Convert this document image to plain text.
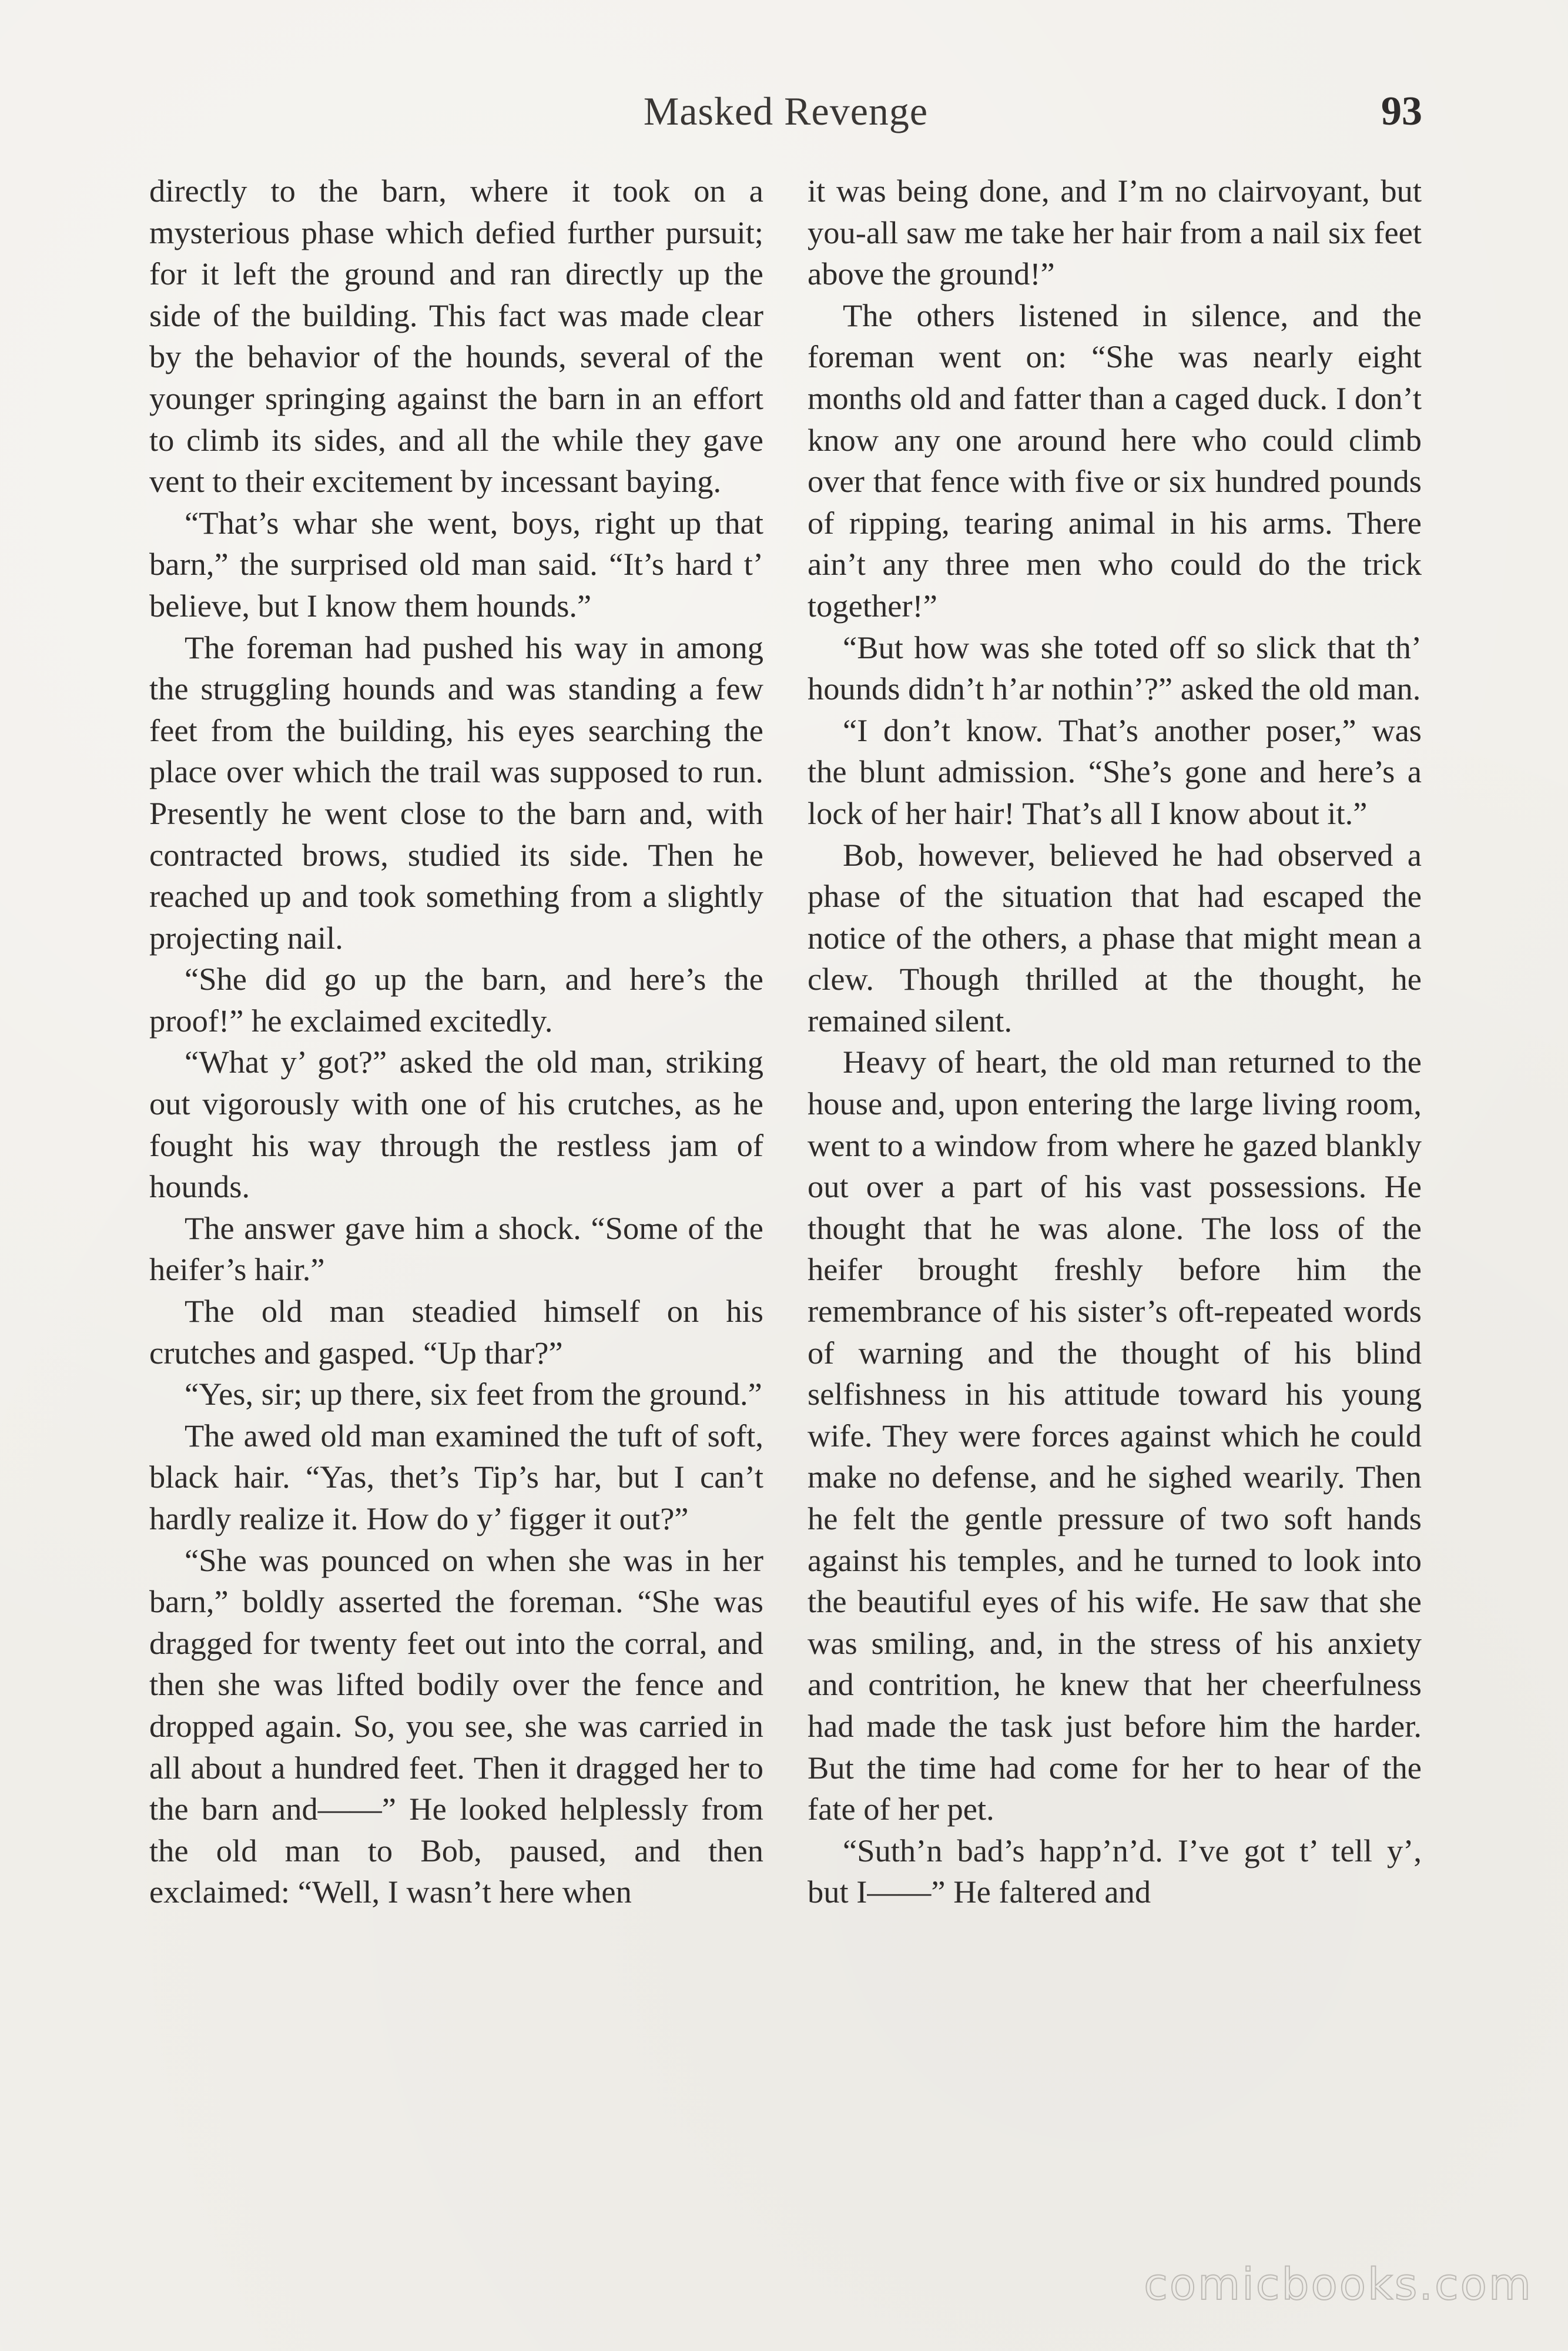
Masked Revenge	93

directly to the barn, where it took on a mysterious phase which defied further pursuit; for it left the ground and ran directly up the side of the building. This fact was made clear by the behavior of the hounds, several of the younger springing against the barn in an effort to climb its sides, and all the while they gave vent to their excitement by incessant baying.

“That’s whar she went, boys, right up that barn,” the surprised old man said. “It’s hard t’ believe, but I know them hounds.”

The foreman had pushed his way in among the struggling hounds and was standing a few feet from the building, his eyes searching the place over which the trail was supposed to run. Presently he went close to the barn and, with contracted brows, studied its side. Then he reached up and took something from a slightly projecting nail.

“She did go up the barn, and here’s the proof!” he exclaimed excitedly.

“What y’ got?” asked the old man, striking out vigorously with one of his crutches, as he fought his way through the restless jam of hounds.

The answer gave him a shock. “Some of the heifer’s hair.”

The old man steadied himself on his crutches and gasped. “Up thar?”

“Yes, sir; up there, six feet from the ground.”

The awed old man examined the tuft of soft, black hair. “Yas, thet’s Tip’s har, but I can’t hardly realize it. How do y’ figger it out?”

“She was pounced on when she was in her barn,” boldly asserted the foreman. “She was dragged for twenty feet out into the corral, and then she was lifted bodily over the fence and dropped again. So, you see, she was carried in all about a hundred feet. Then it dragged her to the barn and——” He looked helplessly from the old man to Bob, paused, and then exclaimed: “Well, I wasn’t here when

it was being done, and I’m no clairvoyant, but you-all saw me take her hair from a nail six feet above the ground!”

The others listened in silence, and the foreman went on: “She was nearly eight months old and fatter than a caged duck. I don’t know any one around here who could climb over that fence with five or six hundred pounds of ripping, tearing animal in his arms. There ain’t any three men who could do the trick together!”

“But how was she toted off so slick that th’ hounds didn’t h’ar nothin’?” asked the old man.

“I don’t know. That’s another poser,” was the blunt admission. “She’s gone and here’s a lock of her hair! That’s all I know about it.”

Bob, however, believed he had observed a phase of the situation that had escaped the notice of the others, a phase that might mean a clew. Though thrilled at the thought, he remained silent.

Heavy of heart, the old man returned to the house and, upon entering the large living room, went to a window from where he gazed blankly out over a part of his vast possessions. He thought that he was alone. The loss of the heifer brought freshly before him the remembrance of his sister’s oft-repeated words of warning and the thought of his blind selfishness in his attitude toward his young wife. They were forces against which he could make no defense, and he sighed wearily. Then he felt the gentle pressure of two soft hands against his temples, and he turned to look into the beautiful eyes of his wife. He saw that she was smiling, and, in the stress of his anxiety and contrition, he knew that her cheerfulness had made the task just before him the harder. But the time had come for her to hear of the fate of her pet.

“Suth’n bad’s happ’n’d. I’ve got t’ tell y’, but I——” He faltered and

comicbooks.com
